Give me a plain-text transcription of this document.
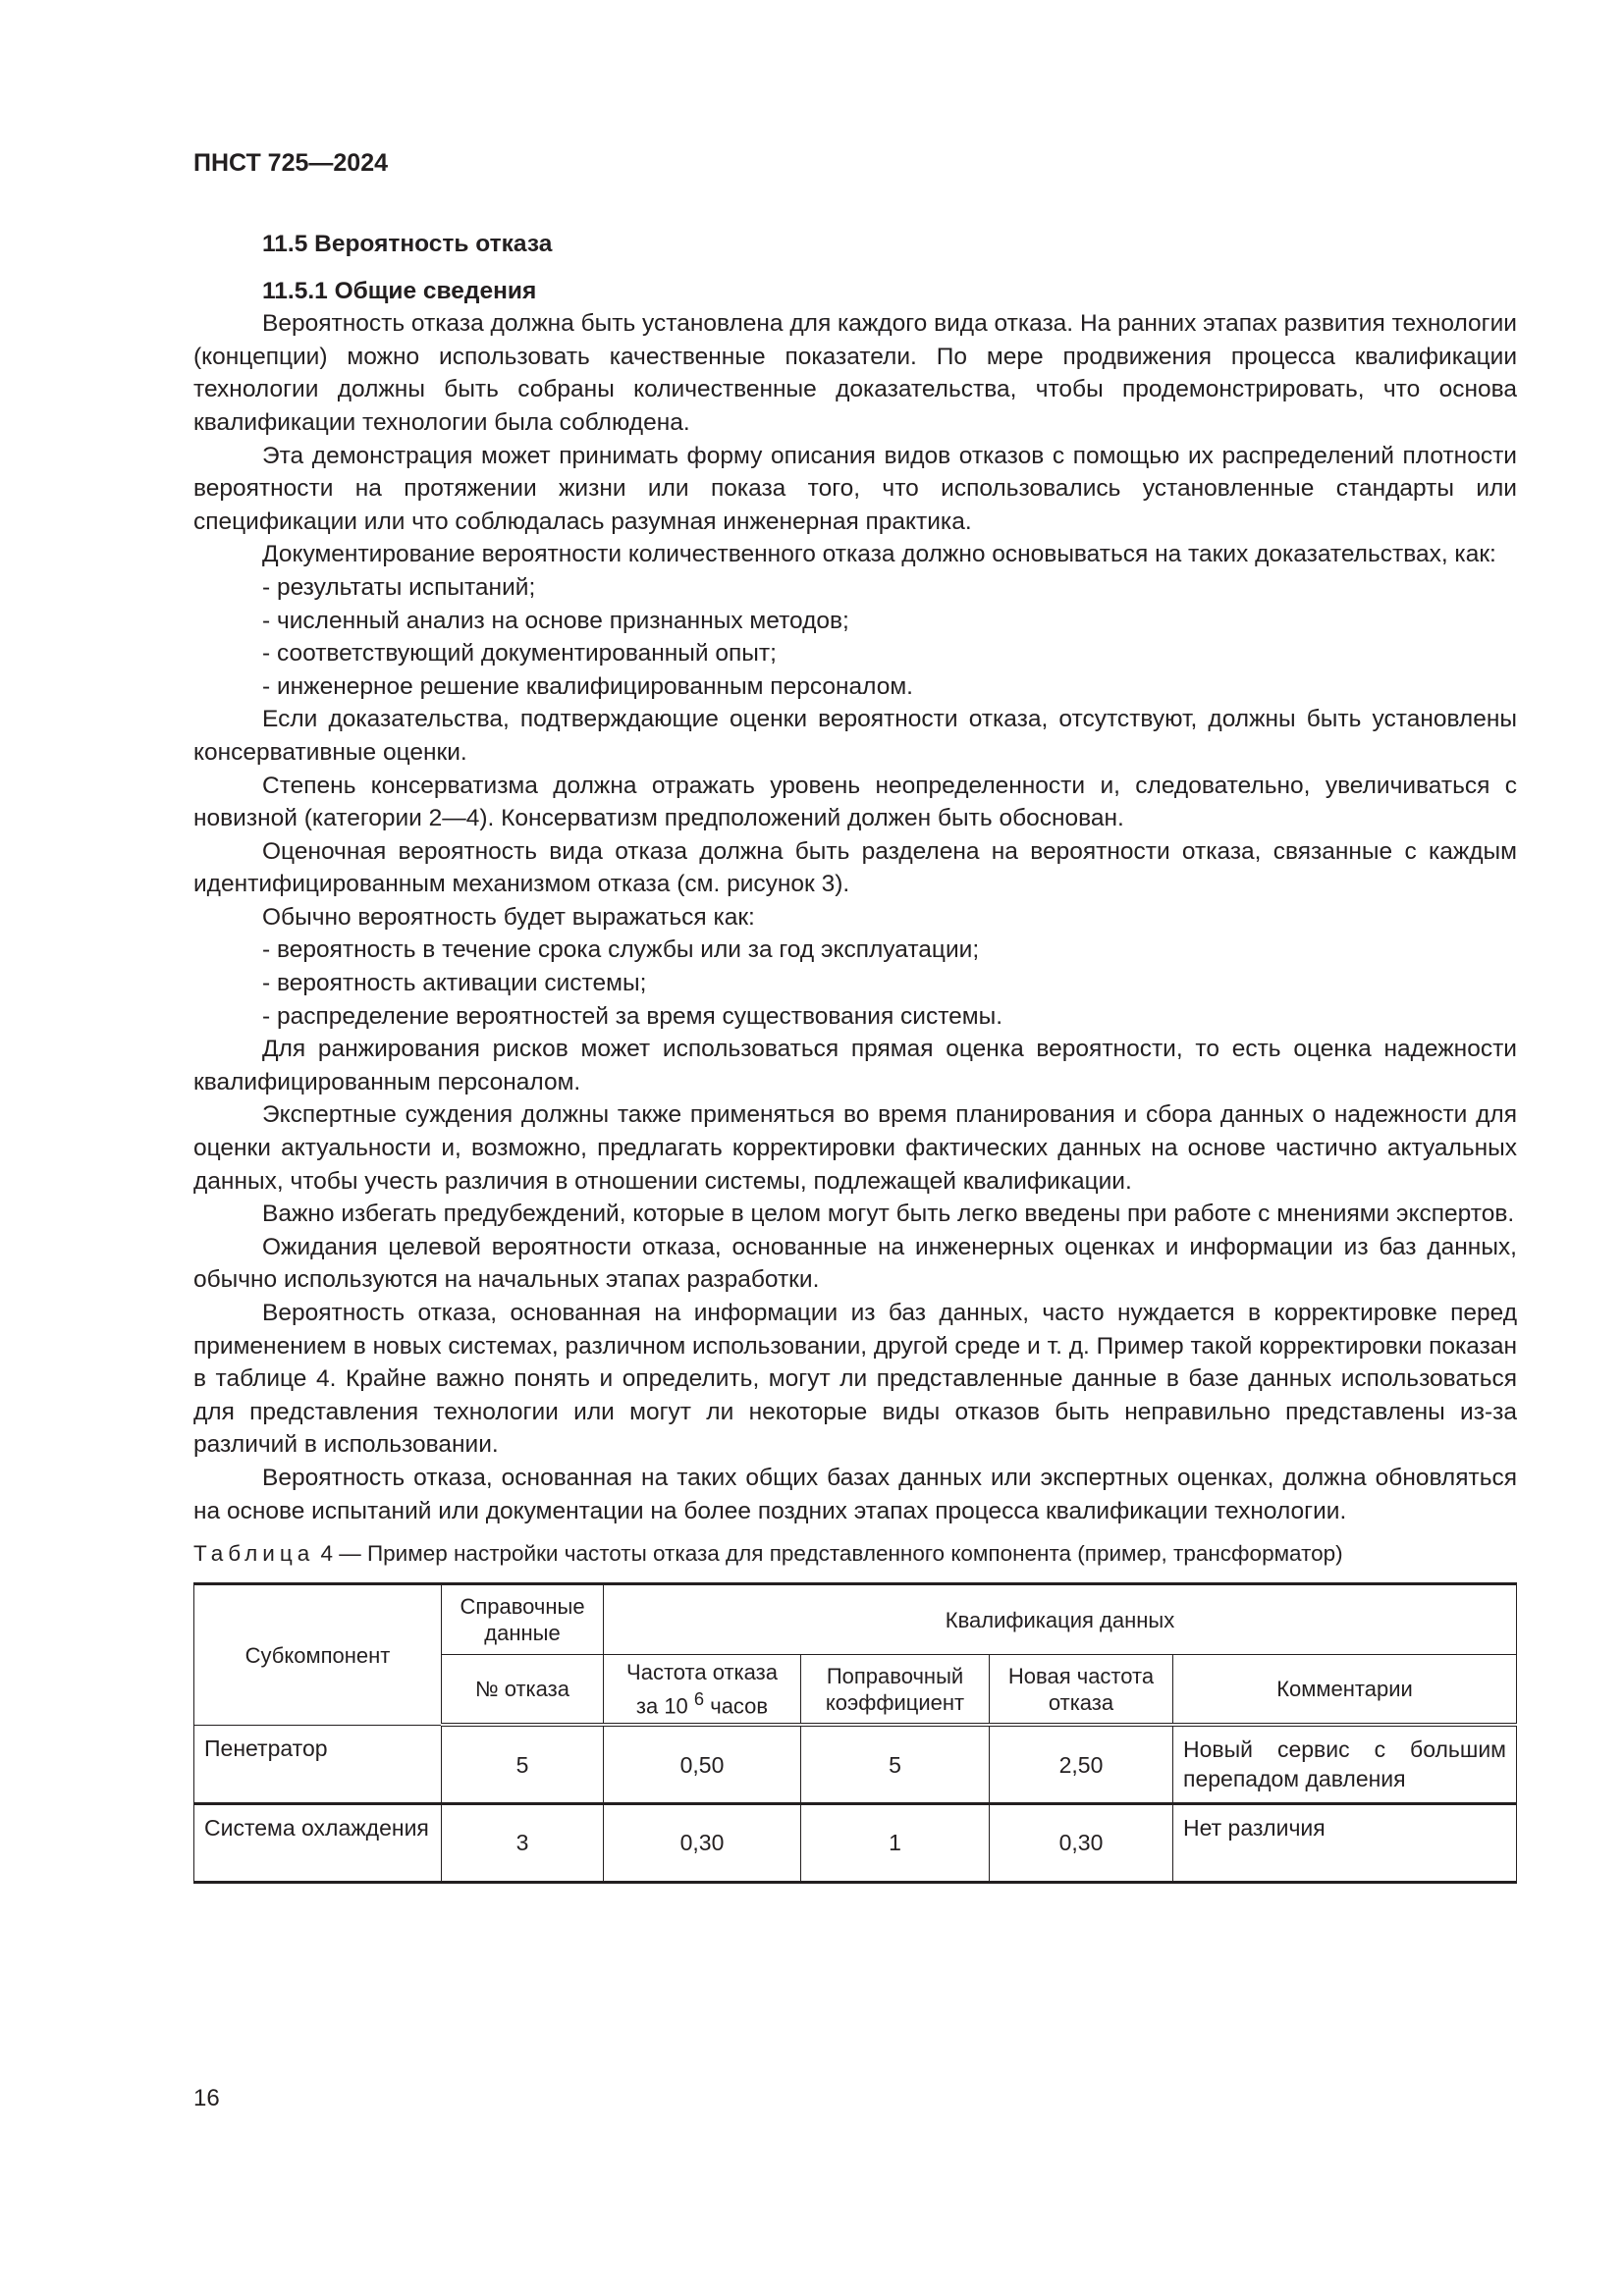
ПНСТ 725—2024
11.5 Вероятность отказа
11.5.1 Общие сведения

Вероятность отказа должна быть установлена для каждого вида отказа. На ранних этапах развития технологии (концепции) можно использовать качественные показатели. По мере продвижения процесса квалификации технологии должны быть собраны количественные доказательства, чтобы продемонстрировать, что основа квалификации технологии была соблюдена.

Эта демонстрация может принимать форму описания видов отказов с помощью их распределений плотности вероятности на протяжении жизни или показа того, что использовались установленные стандарты или спецификации или что соблюдалась разумная инженерная практика.

Документирование вероятности количественного отказа должно основываться на таких доказательствах, как:

- результаты испытаний;
- численный анализ на основе признанных методов;
- соответствующий документированный опыт;
- инженерное решение квалифицированным персоналом.

Если доказательства, подтверждающие оценки вероятности отказа, отсутствуют, должны быть установлены консервативные оценки.

Степень консерватизма должна отражать уровень неопределенности и, следовательно, увеличиваться с новизной (категории 2—4). Консерватизм предположений должен быть обоснован.

Оценочная вероятность вида отказа должна быть разделена на вероятности отказа, связанные с каждым идентифицированным механизмом отказа (см. рисунок 3).

Обычно вероятность будет выражаться как:

- вероятность в течение срока службы или за год эксплуатации;
- вероятность активации системы;
- распределение вероятностей за время существования системы.

Для ранжирования рисков может использоваться прямая оценка вероятности, то есть оценка надежности квалифицированным персоналом.

Экспертные суждения должны также применяться во время планирования и сбора данных о надежности для оценки актуальности и, возможно, предлагать корректировки фактических данных на основе частично актуальных данных, чтобы учесть различия в отношении системы, подлежащей квалификации.

Важно избегать предубеждений, которые в целом могут быть легко введены при работе с мнениями экспертов.

Ожидания целевой вероятности отказа, основанные на инженерных оценках и информации из баз данных, обычно используются на начальных этапах разработки.

Вероятность отказа, основанная на информации из баз данных, часто нуждается в корректировке перед применением в новых системах, различном использовании, другой среде и т. д. Пример такой корректировки показан в таблице 4. Крайне важно понять и определить, могут ли представленные данные в базе данных использоваться для представления технологии или могут ли некоторые виды отказов быть неправильно представлены из-за различий в использовании.

Вероятность отказа, основанная на таких общих базах данных или экспертных оценках, должна обновляться на основе испытаний или документации на более поздних этапах процесса квалификации технологии.

Таблица 4 — Пример настройки частоты отказа для представленного компонента (пример, трансформатор)
Субкомпонент	Справочные данные	Квалификация данных			
	№ отказа	Частота отказа за 10 $^6$ часов	Поправочный коэффициент	Новая частота отказа	Комментарии
Пенетратор	5	0,50	5	2,50	Новый сервис с большим перепадом давления
Система охлаждения	3	0,30	1	0,30	Нет различия
16
